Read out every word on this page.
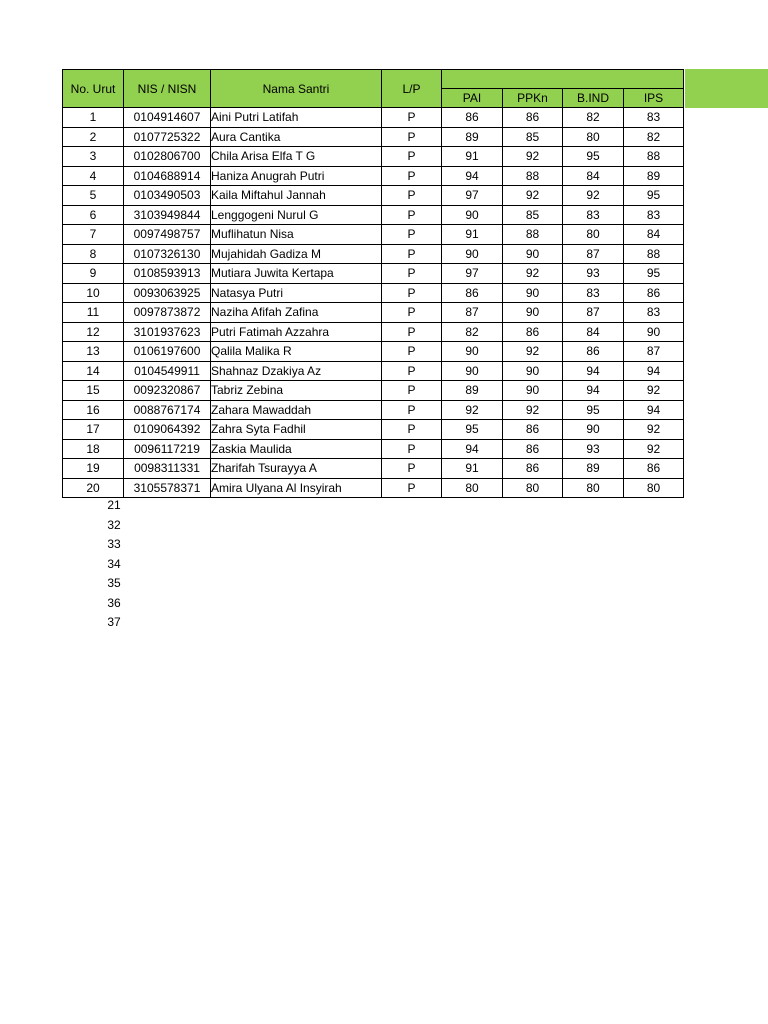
No. Urut	NIS / NISN	Nama Santri	L/P				
				PAI	PPKn	B.IND	IPS
1	0104914607	Aini Putri Latifah	P	86	86	82	83
2	0107725322	Aura Cantika	P	89	85	80	82
3	0102806700	Chila Arisa Elfa T G	P	91	92	95	88
4	0104688914	Haniza Anugrah Putri	P	94	88	84	89
5	0103490503	Kaila Miftahul Jannah	P	97	92	92	95
6	3103949844	Lenggogeni Nurul G	P	90	85	83	83
7	0097498757	Muflihatun Nisa	P	91	88	80	84
8	0107326130	Mujahidah Gadiza M	P	90	90	87	88
9	0108593913	Mutiara Juwita Kertapa	P	97	92	93	95
10	0093063925	Natasya Putri	P	86	90	83	86
11	0097873872	Naziha Afifah Zafina	P	87	90	87	83
12	3101937623	Putri Fatimah Azzahra	P	82	86	84	90
13	0106197600	Qalila Malika R	P	90	92	86	87
14	0104549911	Shahnaz Dzakiya Az	P	90	90	94	94
15	0092320867	Tabriz Zebina	P	89	90	94	92
16	0088767174	Zahara Mawaddah	P	92	92	95	94
17	0109064392	Zahra Syta Fadhil	P	95	86	90	92
18	0096117219	Zaskia Maulida	P	94	86	93	92
19	0098311331	Zharifah Tsurayya A	P	91	86	89	86
20	3105578371	Amira Ulyana Al Insyirah	P	80	80	80	80
21
32
33
34
35
36
37
